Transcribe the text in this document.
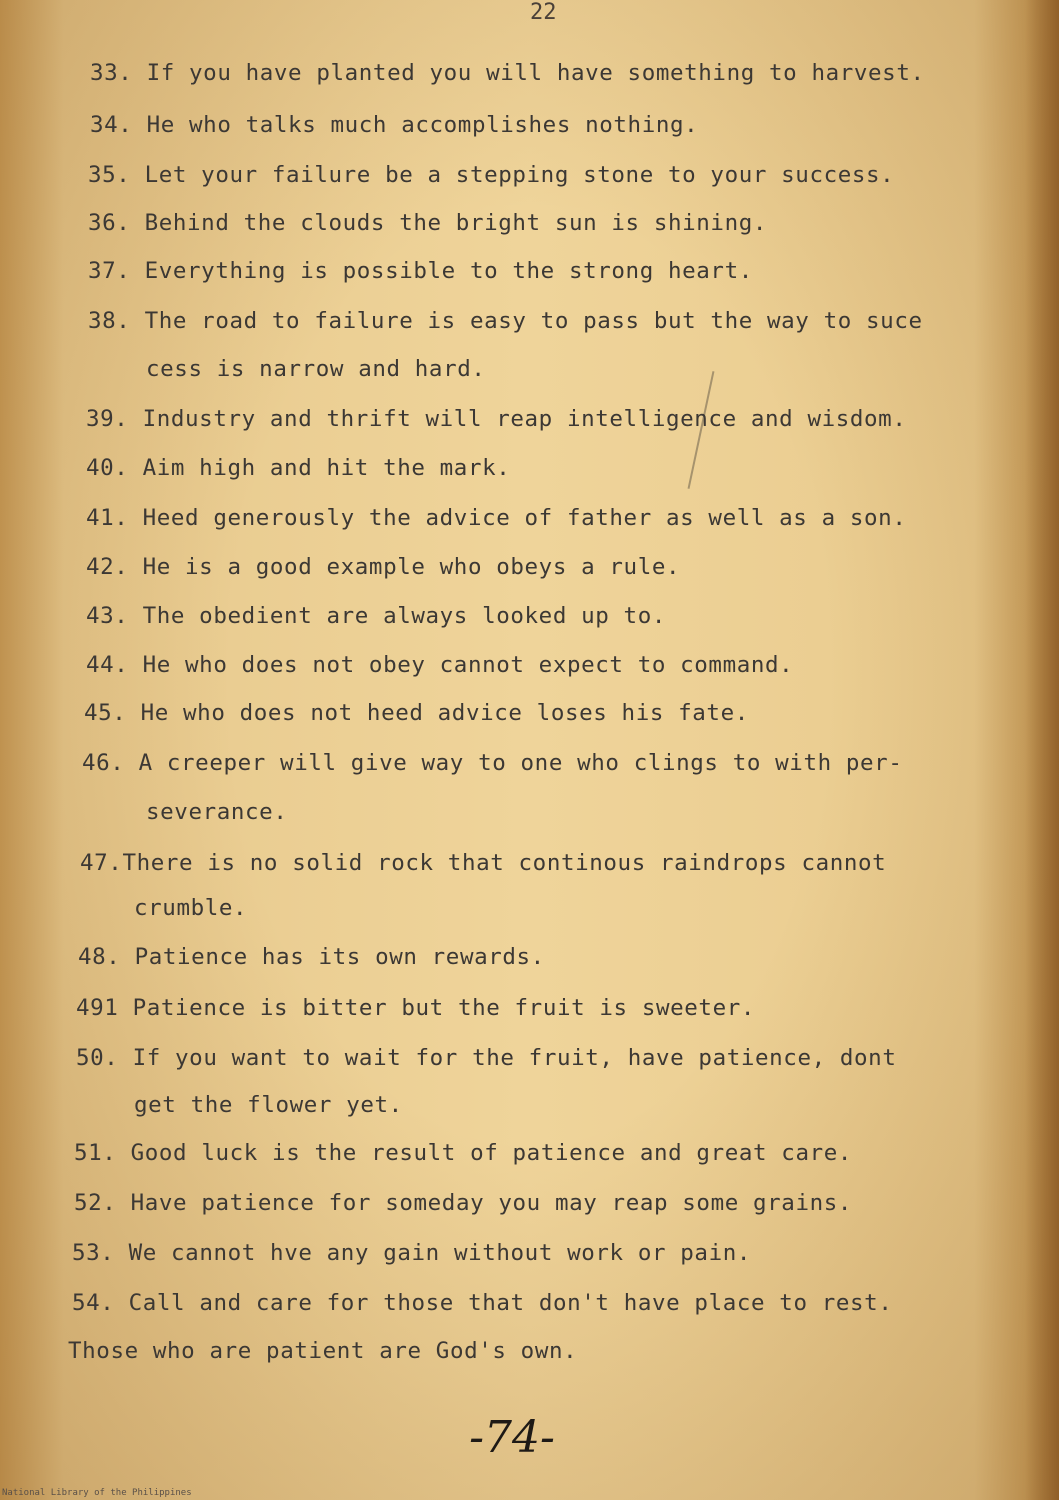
22
33. If you have planted you will have something to harvest.
34. He who talks much accomplishes nothing.
35. Let your failure be a stepping stone to your success.
36. Behind the clouds the bright sun is shining.
37. Everything is possible to the strong heart.
38. The road to failure is easy to pass but the way to suce
cess is narrow and hard.
39. Industry and thrift will reap intelligence and wisdom.
40. Aim high and hit the mark.
41. Heed generously the advice of father as well as a son.
42. He is a good example who obeys a rule.
43. The obedient are always looked up to.
44. He who does not obey cannot expect to command.
45. He who does not heed advice loses his fate.
46. A creeper will give way to one who clings to with per-
severance.
47.There is no solid rock that continous raindrops cannot
crumble.
48. Patience has its own rewards.
491 Patience is bitter but the fruit is sweeter.
50. If you want to wait for the fruit, have patience, dont
get the flower yet.
51. Good luck is the result of patience and great care.
52. Have patience for someday you may reap some grains.
53. We cannot hve any gain without work or pain.
54. Call and care for those that don't have place to rest.
Those who are patient are God's own.
-74-
National Library of the Philippines
